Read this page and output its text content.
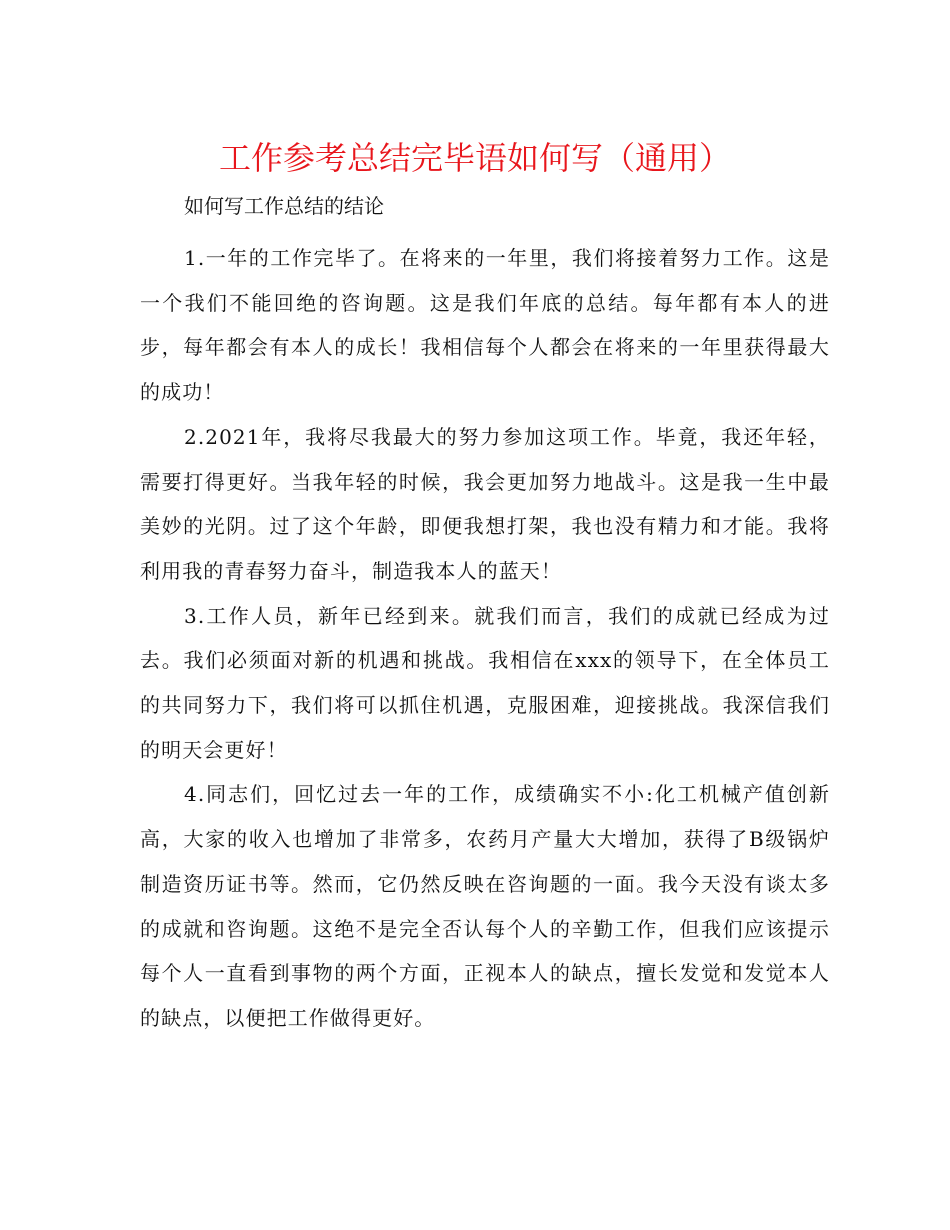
工作参考总结完毕语如何写（通用）

如何写工作总结的结论

1.一年的工作完毕了。在将来的一年里，我们将接着努力工作。这是一个我们不能回绝的咨询题。这是我们年底的总结。每年都有本人的进步，每年都会有本人的成长！我相信每个人都会在将来的一年里获得最大的成功！

2.2021年，我将尽我最大的努力参加这项工作。毕竟，我还年轻，需要打得更好。当我年轻的时候，我会更加努力地战斗。这是我一生中最美妙的光阴。过了这个年龄，即便我想打架，我也没有精力和才能。我将利用我的青春努力奋斗，制造我本人的蓝天！

3.工作人员，新年已经到来。就我们而言，我们的成就已经成为过去。我们必须面对新的机遇和挑战。我相信在xxx的领导下，在全体员工的共同努力下，我们将可以抓住机遇，克服困难，迎接挑战。我深信我们的明天会更好！

4.同志们，回忆过去一年的工作，成绩确实不小:化工机械产值创新高，大家的收入也增加了非常多，农药月产量大大增加，获得了B级锅炉制造资历证书等。然而，它仍然反映在咨询题的一面。我今天没有谈太多的成就和咨询题。这绝不是完全否认每个人的辛勤工作，但我们应该提示每个人一直看到事物的两个方面，正视本人的缺点，擅长发觉和发觉本人的缺点，以便把工作做得更好。
